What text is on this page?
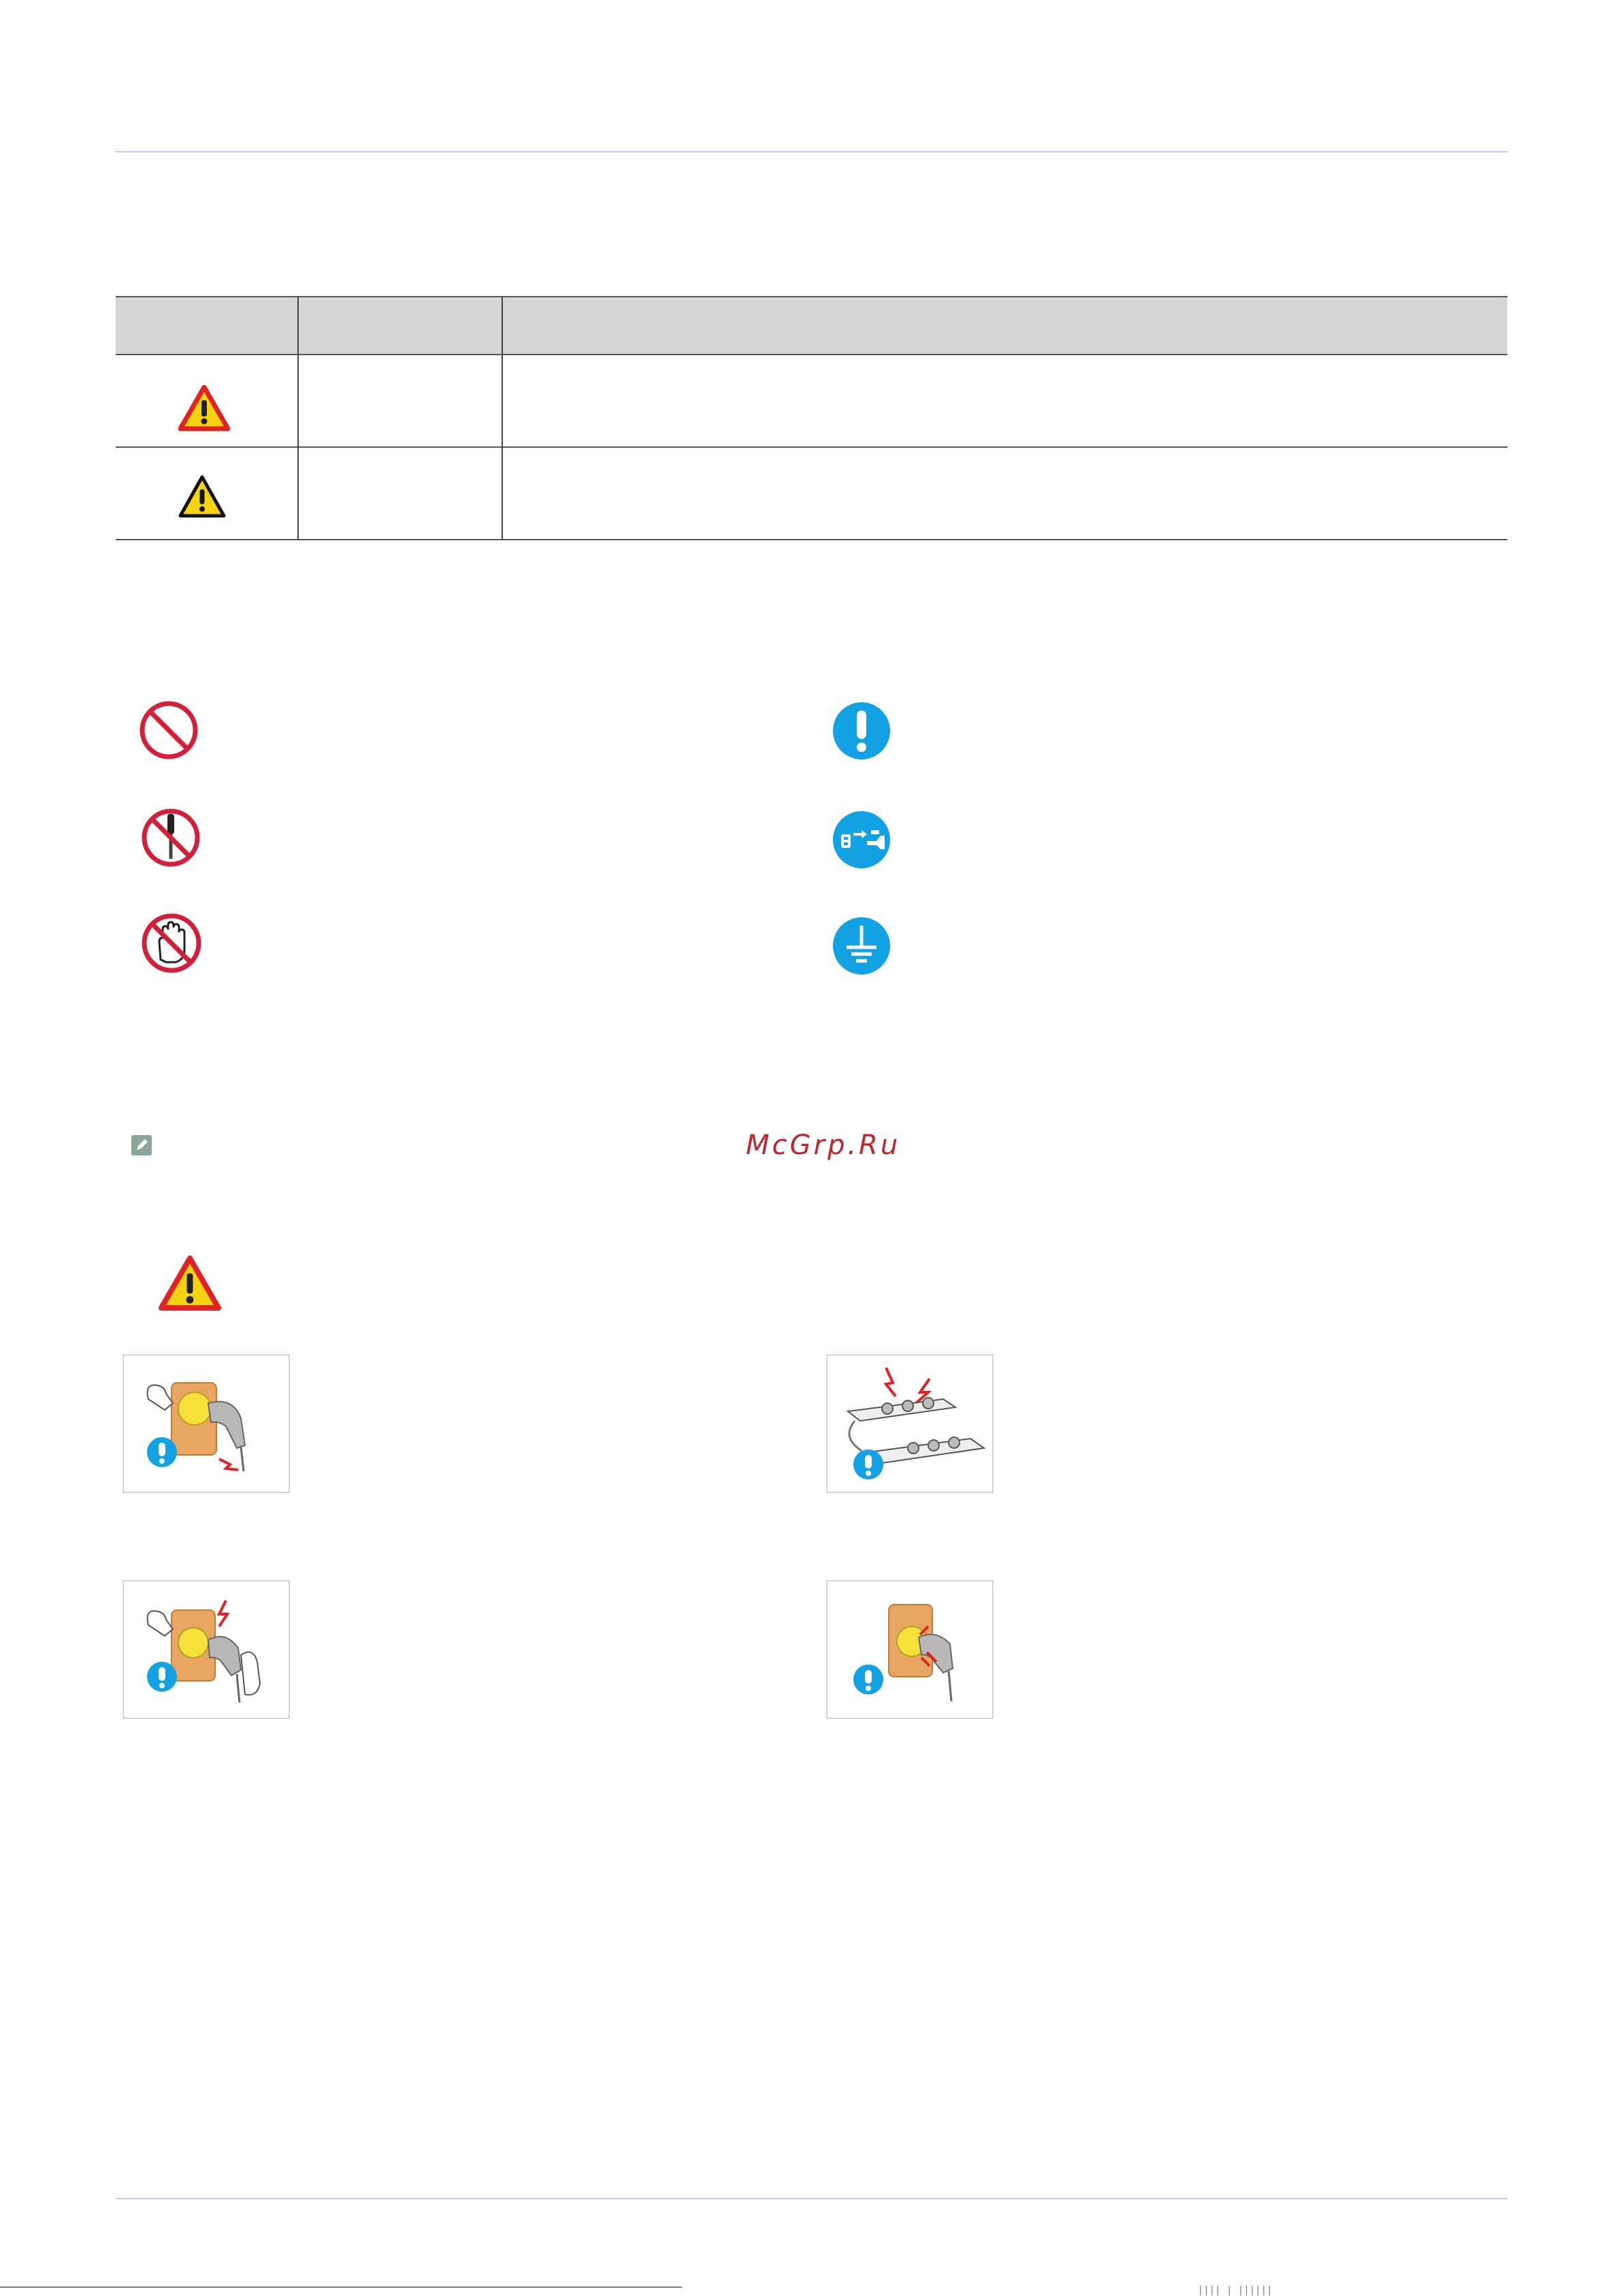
McGrp.Ru
|||| | ||||||
